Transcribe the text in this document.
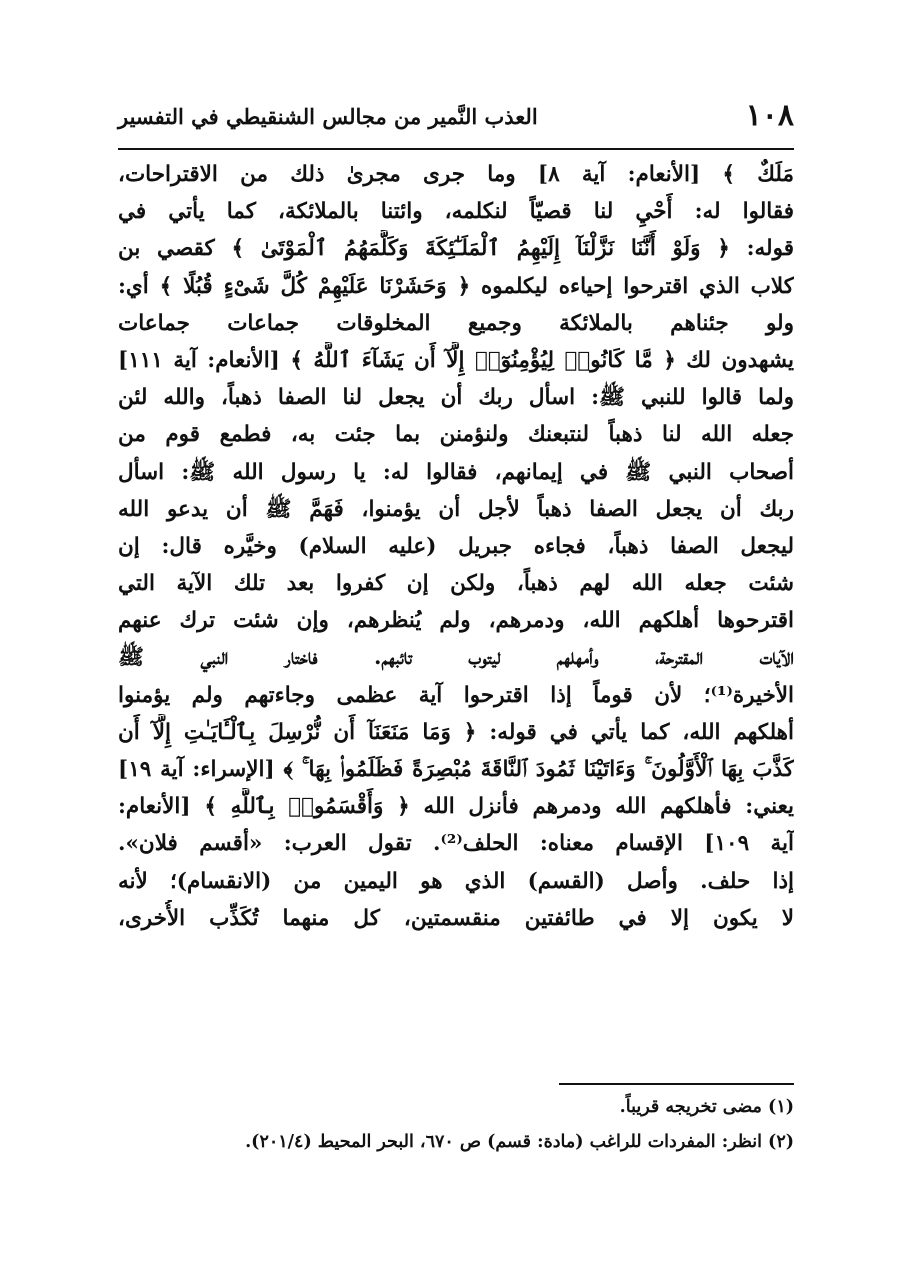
١٠٨
العذب النَّمير من مجالس الشنقيطي في التفسير
مَلَكٌ ﴾ [الأنعام: آية ٨] وما جرى مجرىٰ ذلك من الاقتراحات،
فقالوا له: أَحْيِ لنا قصيّاً لنكلمه، وائتنا بالملائكة، كما يأتي في
قوله: ﴿ وَلَوْ أَنَّنَا نَزَّلْنَآ إِلَيْهِمُ ٱلْمَلَـٰٓئِكَةَ وَكَلَّمَهُمُ ٱلْمَوْتَىٰ ﴾ كقصي بن
كلاب الذي اقترحوا إحياءه ليكلموه ﴿ وَحَشَرْنَا عَلَيْهِمْ كُلَّ شَىْءٍ قُبُلًا ﴾ أي:
ولو جئناهم بالملائكة وجميع المخلوقات جماعات جماعات
يشهدون لك ﴿ مَّا كَانُوا۟ لِيُؤْمِنُوٓا۟ إِلَّآ أَن يَشَآءَ ٱللَّهُ ﴾ [الأنعام: آية ١١١]
ولما قالوا للنبي ﷺ: اسأل ربك أن يجعل لنا الصفا ذهباً، والله لئن
جعله الله لنا ذهباً لنتبعنك ولنؤمنن بما جئت به، فطمع قوم من
أصحاب النبي ﷺ في إيمانهم، فقالوا له: يا رسول الله ﷺ: اسأل
ربك أن يجعل الصفا ذهباً لأجل أن يؤمنوا، فَهَمَّ ﷺ أن يدعو الله
ليجعل الصفا ذهباً، فجاءه جبريل (عليه السلام) وخيَّره قال: إن
شئت جعله الله لهم ذهباً، ولكن إن كفروا بعد تلك الآية التي
اقترحوها أهلكهم الله، ودمرهم، ولم يُنظرهم، وإن شئت ترك عنهم
الآيات المقترحة، وأمهلهم ليتوب تائبهم. فاختار النبي ﷺ
الأخيرة⁽¹⁾؛ لأن قوماً إذا اقترحوا آية عظمى وجاءتهم ولم يؤمنوا
أهلكهم الله، كما يأتي في قوله: ﴿ وَمَا مَنَعَنَآ أَن نُّرْسِلَ بِٱلْـَٔايَـٰتِ إِلَّآ أَن
كَذَّبَ بِهَا ٱلْأَوَّلُونَ ۚ وَءَاتَيْنَا ثَمُودَ ٱلنَّاقَةَ مُبْصِرَةً فَظَلَمُوا۟ بِهَا ۚ ﴾ [الإسراء: آية ١٩]
يعني: فأهلكهم الله ودمرهم فأنزل الله ﴿ وَأَقْسَمُوا۟ بِٱللَّهِ ﴾ [الأنعام:
آية ١٠٩] الإقسام معناه: الحلف⁽²⁾. تقول العرب: «أقسم فلان».
إذا حلف. وأصل (القسم) الذي هو اليمين من (الانقسام)؛ لأنه
لا يكون إلا في طائفتين منقسمتين، كل منهما تُكَذِّب الأُخرى،
(١) مضى تخريجه قريباً.
(٢) انظر: المفردات للراغب (مادة: قسم) ص ٦٧٠، البحر المحيط (٢٠١/٤).
